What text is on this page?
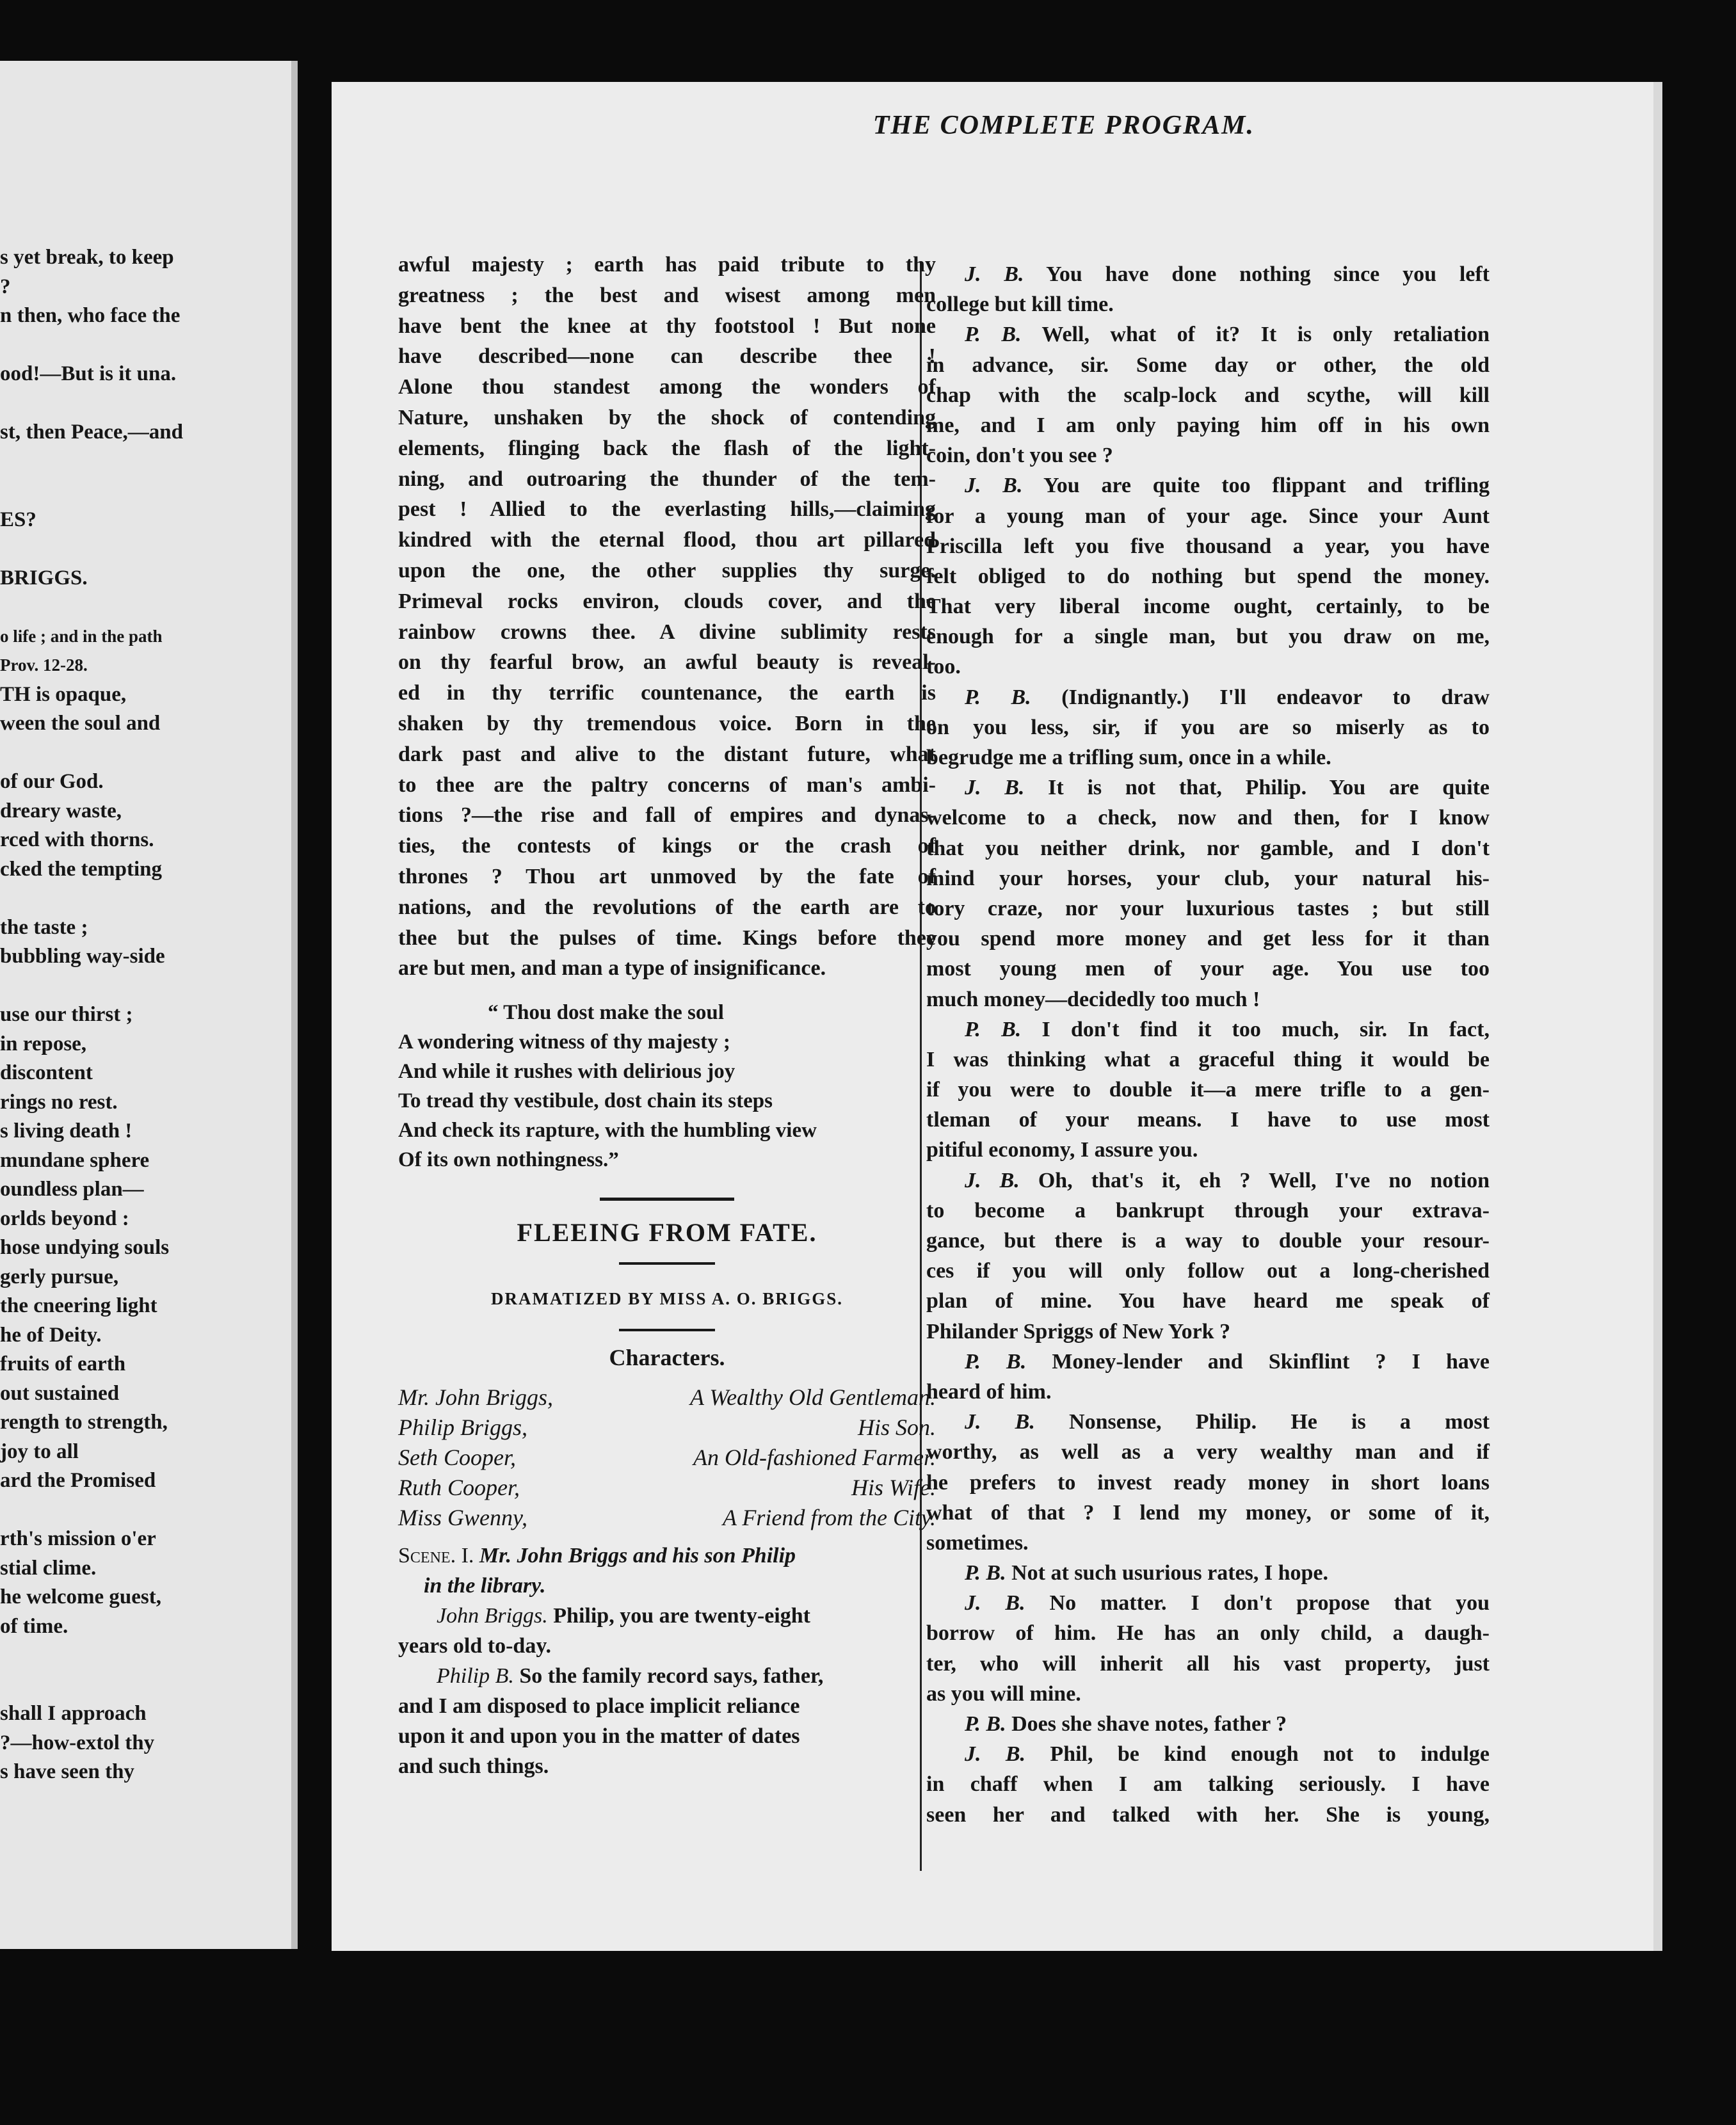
s yet break, to keep
?
n then, who face the
ood!—But is it una.
st, then Peace,—and
ES?
BRIGGS.
o life ; and in the path
Prov. 12-28.
TH is opaque,
ween the soul and
of our God.
dreary waste,
rced with thorns.
cked the tempting
the taste ;
bubbling way-side
use our thirst ;
in repose,
discontent
rings no rest.
s living death !
mundane sphere
oundless plan—
orlds beyond :
hose undying souls
gerly pursue,
the cneering light
he of Deity.
fruits of earth
out sustained
rength to strength,
joy to all
ard the Promised
rth's mission o'er
stial clime.
he welcome guest,
of time.
shall I approach
?—how-extol thy
s have seen thy
THE COMPLETE PROGRAM.
awful majesty ; earth has paid tribute to thy
greatness ; the best and wisest among men
have bent the knee at thy footstool ! But none
have described—none can describe thee !
Alone thou standest among the wonders of
Nature, unshaken by the shock of contending
elements, flinging back the flash of the light-
ning, and outroaring the thunder of the tem-
pest ! Allied to the everlasting hills,—claiming
kindred with the eternal flood, thou art pillared
upon the one, the other supplies thy surge.
Primeval rocks environ, clouds cover, and the
rainbow crowns thee. A divine sublimity rests
on thy fearful brow, an awful beauty is reveal-
ed in thy terrific countenance, the earth is
shaken by thy tremendous voice. Born in the
dark past and alive to the distant future, what
to thee are the paltry concerns of man's ambi-
tions ?—the rise and fall of empires and dynas-
ties, the contests of kings or the crash of
thrones ? Thou art unmoved by the fate of
nations, and the revolutions of the earth are to
thee but the pulses of time. Kings before thee
are but men, and man a type of insignificance.
“ Thou dost make the soul
A wondering witness of thy majesty ;
And while it rushes with delirious joy
To tread thy vestibule, dost chain its steps
And check its rapture, with the humbling view
Of its own nothingness.”
FLEEING FROM FATE.
DRAMATIZED BY MISS A. O. BRIGGS.
Characters.
Mr. John Briggs,	A Wealthy Old Gentleman.
Philip Briggs,	His Son.
Seth Cooper,	An Old-fashioned Farmer.
Ruth Cooper,	His Wife.
Miss Gwenny,	A Friend from the City.
Scene. I. Mr. John Briggs and his son Philip
in the library.
John Briggs. Philip, you are twenty-eight
years old to-day.
Philip B. So the family record says, father,
and I am disposed to place implicit reliance
upon it and upon you in the matter of dates
and such things.
J. B. You have done nothing since you left
college but kill time.
P. B. Well, what of it? It is only retaliation
in advance, sir. Some day or other, the old
chap with the scalp-lock and scythe, will kill
me, and I am only paying him off in his own
coin, don't you see ?
J. B. You are quite too flippant and trifling
for a young man of your age. Since your Aunt
Priscilla left you five thousand a year, you have
felt obliged to do nothing but spend the money.
That very liberal income ought, certainly, to be
enough for a single man, but you draw on me,
too.
P. B. (Indignantly.) I'll endeavor to draw
on you less, sir, if you are so miserly as to
begrudge me a trifling sum, once in a while.
J. B. It is not that, Philip. You are quite
welcome to a check, now and then, for I know
that you neither drink, nor gamble, and I don't
mind your horses, your club, your natural his-
tory craze, nor your luxurious tastes ; but still
you spend more money and get less for it than
most young men of your age. You use too
much money—decidedly too much !
P. B. I don't find it too much, sir. In fact,
I was thinking what a graceful thing it would be
if you were to double it—a mere trifle to a gen-
tleman of your means. I have to use most
pitiful economy, I assure you.
J. B. Oh, that's it, eh ? Well, I've no notion
to become a bankrupt through your extrava-
gance, but there is a way to double your resour-
ces if you will only follow out a long-cherished
plan of mine. You have heard me speak of
Philander Spriggs of New York ?
P. B. Money-lender and Skinflint ? I have
heard of him.
J. B. Nonsense, Philip. He is a most
worthy, as well as a very wealthy man and if
he prefers to invest ready money in short loans
what of that ? I lend my money, or some of it,
sometimes.
P. B. Not at such usurious rates, I hope.
J. B. No matter. I don't propose that you
borrow of him. He has an only child, a daugh-
ter, who will inherit all his vast property, just
as you will mine.
P. B. Does she shave notes, father ?
J. B. Phil, be kind enough not to indulge
in chaff when I am talking seriously. I have
seen her and talked with her. She is young,
